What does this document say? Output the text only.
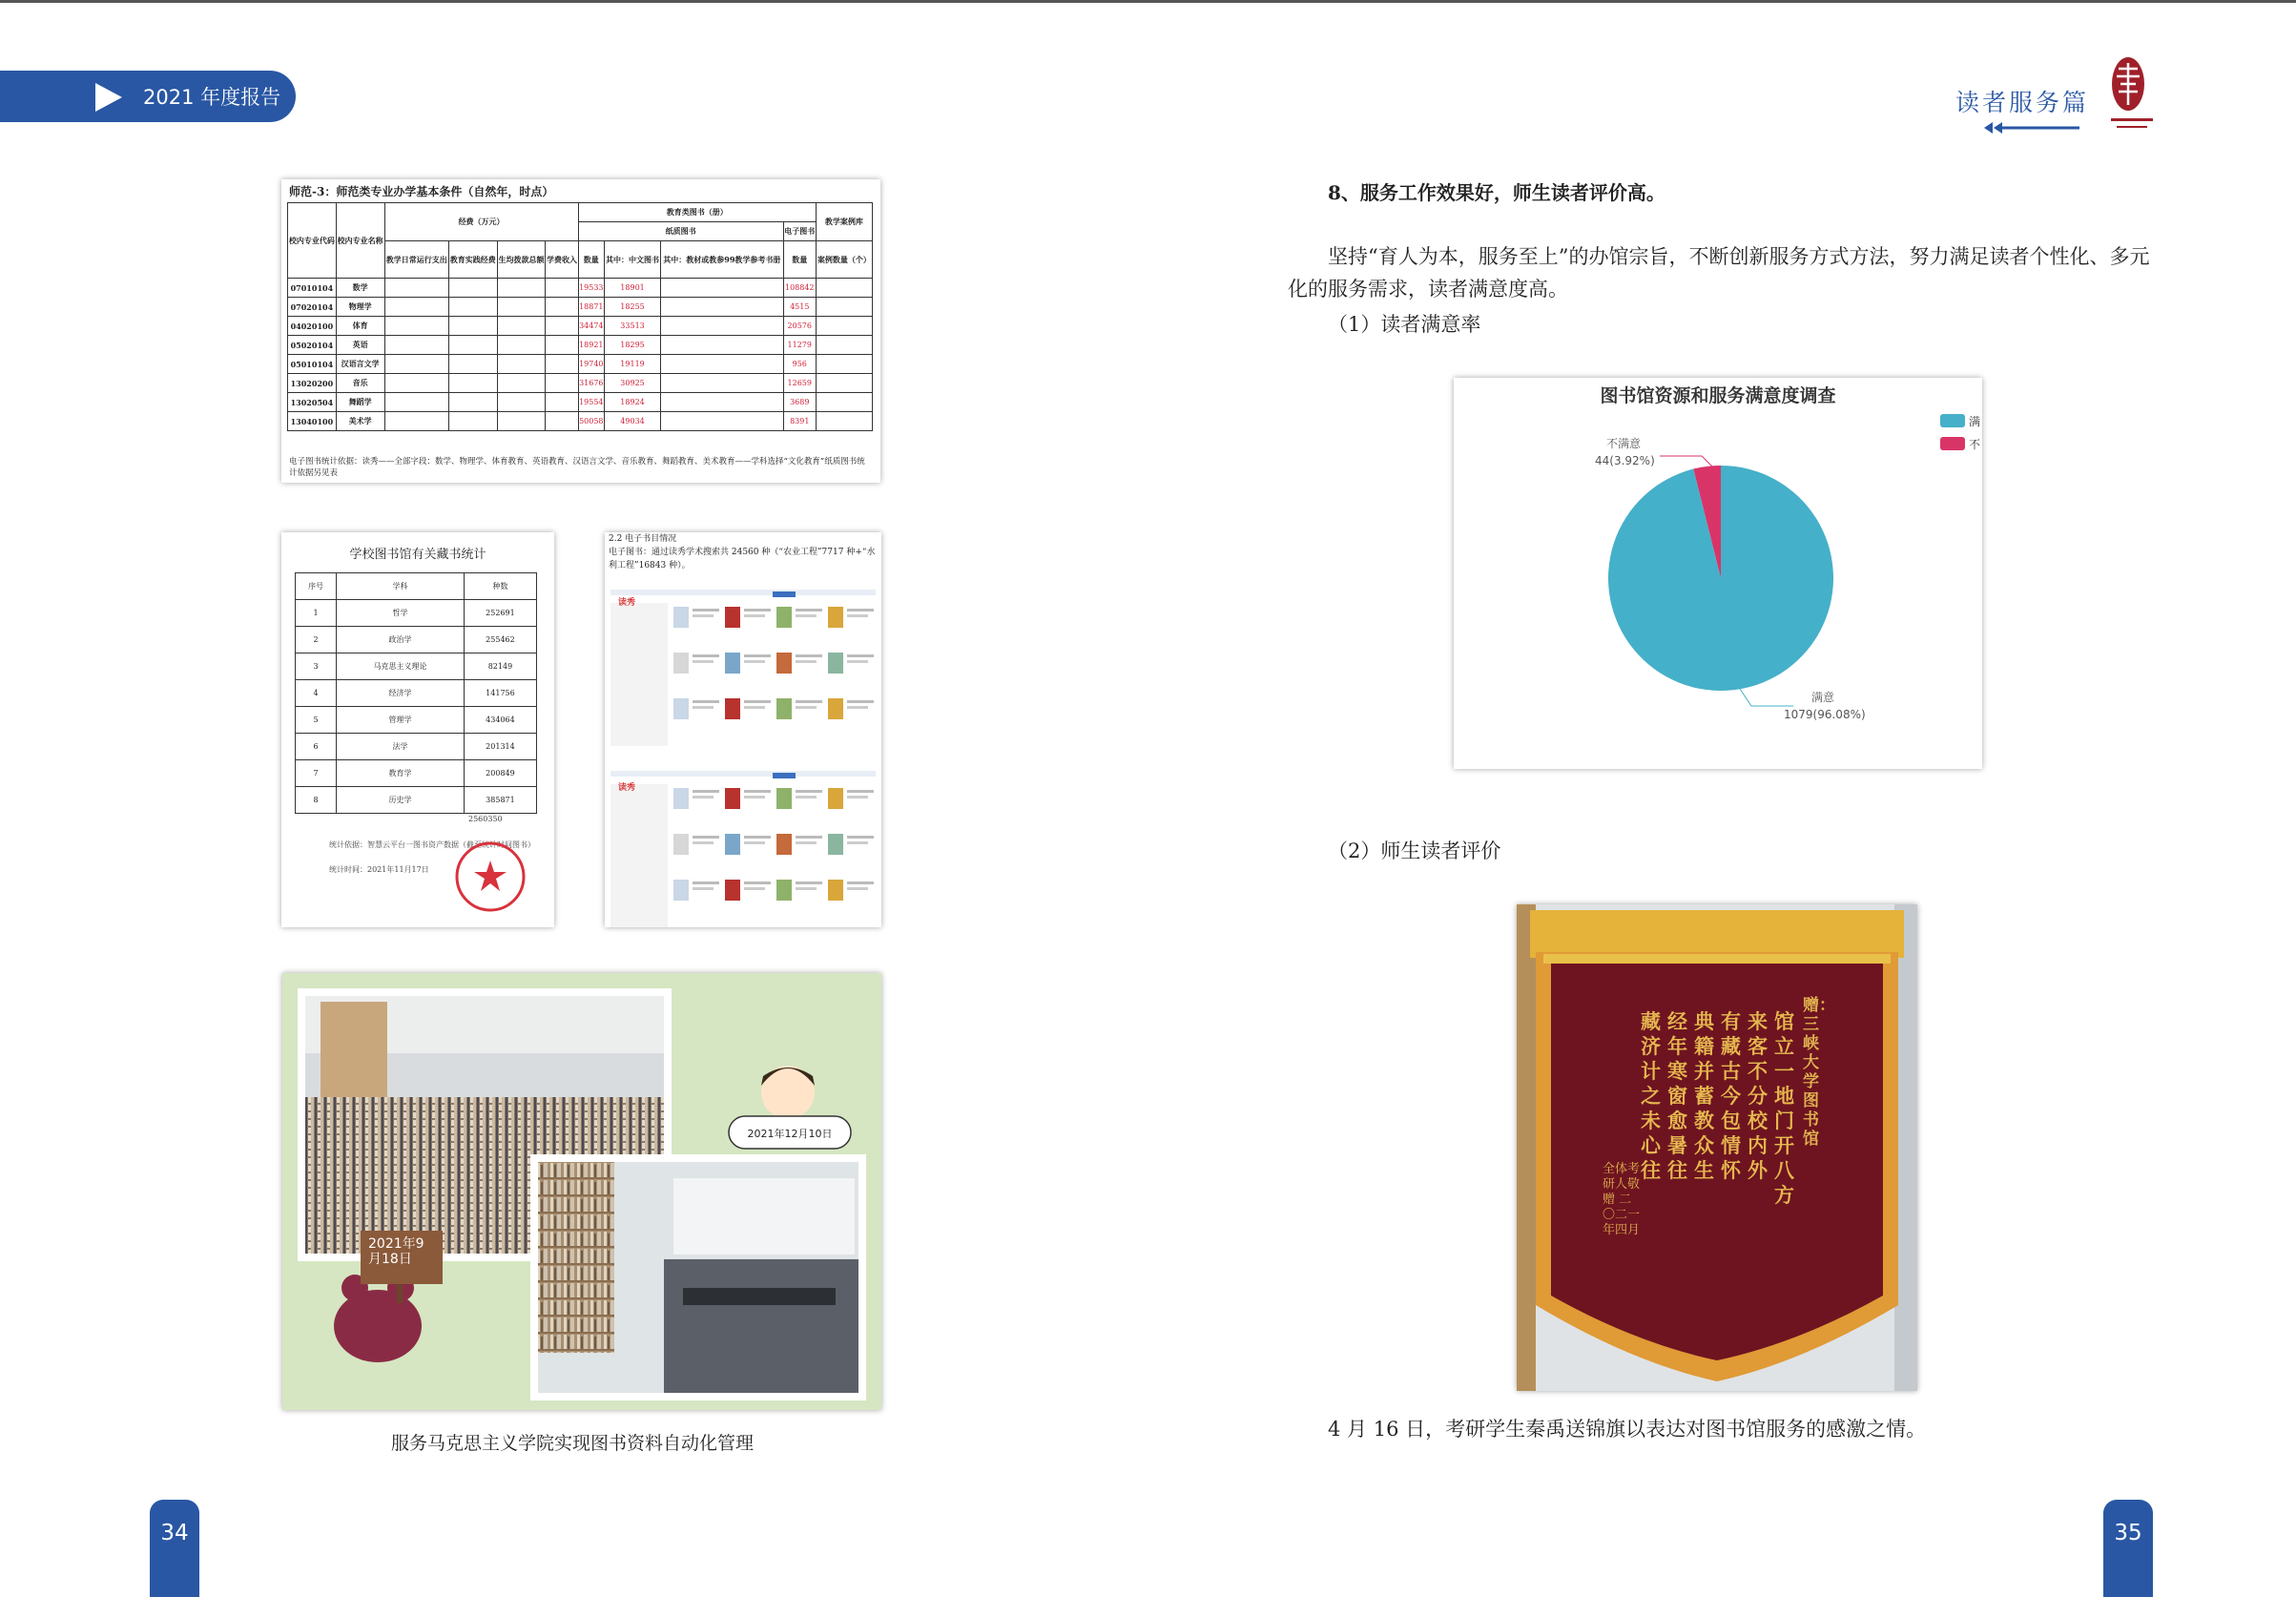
2021 年度报告	读者服务篇
34	35
师范-3：师范类专业办学基本条件（自然年，时点）
校内专业代码	校内专业名称	经费（万元）				教育类图书（册）				教学案例库
						纸质图书			电子图书	
		教学日常运行支出	教育实践经费	生均拨款总额	学费收入	数量	其中：中文图书	其中：教材或教参99教学参考书册	数量	案例数量（个）
07010104	数学					19533	18901		108842	
07020104	物理学					18871	18255		4515	
04020100	体育					34474	33513		20576	
05020104	英语					18921	18295		11279	
05010104	汉语言文学					19740	19119		956	
13020200	音乐					31676	30925		12659	
13020504	舞蹈学					19554	18924		3689	
13040100	美术学					50058	49034		8391	
电子图书统计依据：读秀——全部字段：数学、物理学、体育教育、英语教育、汉语言文学、音乐教育、舞蹈教育、美术教育——学科选择“文化教育”纸质图书统计依据另见表
学校图书馆有关藏书统计
序号	学科	种数
1	哲学	252691
2	政治学	255462
3	马克思主义理论	82149
4	经济学	141756
5	管理学	434064
6	法学	201314
7	教育学	200849
8	历史学	385871
2560350
统计依据：智慧云平台一图书资产数据（截至统计时间图书）
统计时间：2021年11月17日
2.2 电子书目情况
电子图书：通过读秀学术搜索共 24560 种（“农业工程”7717 种+“水利工程”16843 种）。
读秀
读秀
2021年9月18日
2021年12月10日
服务马克思主义学院实现图书资料自动化管理
8、服务工作效果好，师生读者评价高。
坚持“育人为本，服务至上”的办馆宗旨，不断创新服务方式方法，努力满足读者个性化、多元化的服务需求，读者满意度高。
（1）读者满意率
图书馆资源和服务满意度调查
满
不
不满意
44(3.92%)
满意
1079(96.08%)
（2）师生读者评价
赠：三峡大学图书馆
馆立一地门开八方
来客不分校内外
有藏古今包情怀
典籍并蓄教众生
经年寒窗愈暑往
藏济计之未心往
全体考研人敬赠 二〇二一年四月
4 月 16 日，考研学生秦禹送锦旗以表达对图书馆服务的感激之情。
